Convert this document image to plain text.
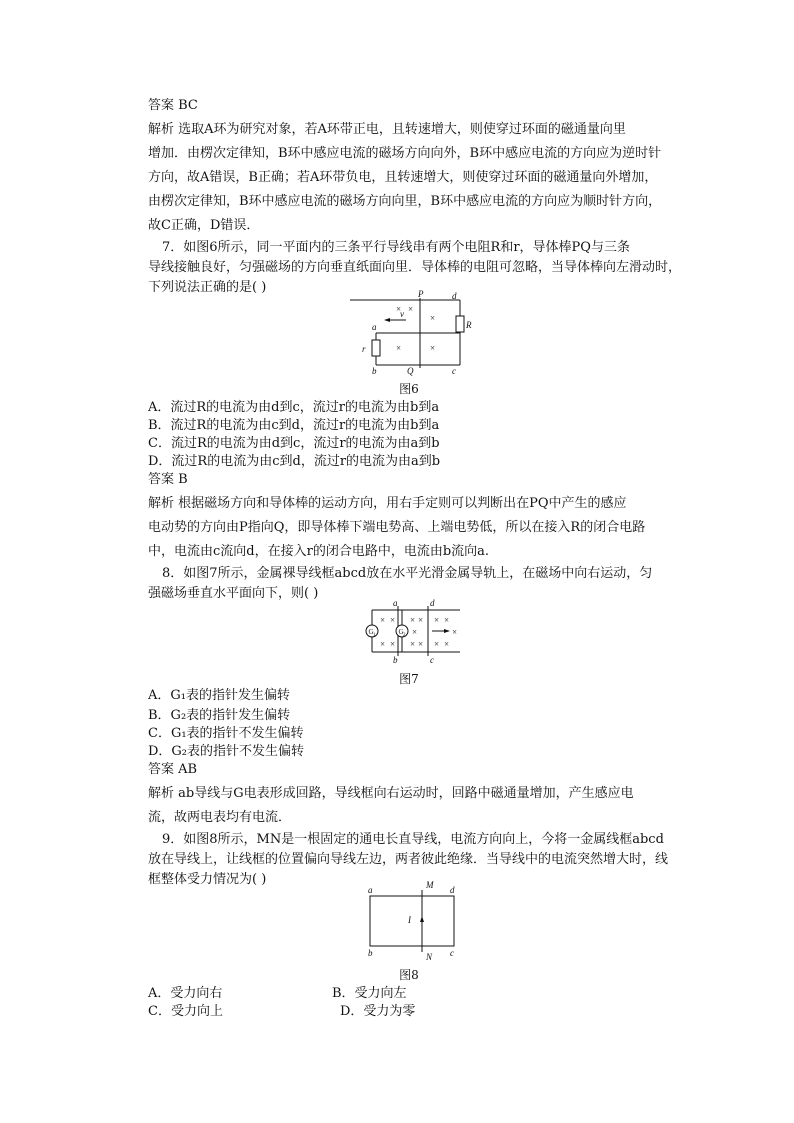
答案 BC
解析 选取A环为研究对象，若A环带正电，且转速增大，则使穿过环面的磁通量向里
增加．由楞次定律知，B环中感应电流的磁场方向向外，B环中感应电流的方向应为逆时针
方向，故A错误，B正确；若A环带负电，且转速增大，则使穿过环面的磁通量向外增加，
由楞次定律知，B环中感应电流的磁场方向向里，B环中感应电流的方向应为顺时针方向，
故C正确，D错误．
7．如图6所示，同一平面内的三条平行导线串有两个电阻R和r，导体棒PQ与三条
导线接触良好，匀强磁场的方向垂直纸面向里．导体棒的电阻可忽略，当导体棒向左滑动时，
下列说法正确的是( )
× ×
×
×	×
P	d
v
a	R
r
b	Q	c
图6
A．流过R的电流为由d到c，流过r的电流为由b到a
B．流过R的电流为由c到d，流过r的电流为由b到a
C．流过R的电流为由d到c，流过r的电流为由a到b
D．流过R的电流为由c到d，流过r的电流为由a到b
答案 B
解析 根据磁场方向和导体棒的运动方向，用右手定则可以判断出在PQ中产生的感应
电动势的方向由P指向Q，即导体棒下端电势高、上端电势低，所以在接入R的闭合电路
中，电流由c流向d，在接入r的闭合电路中，电流由b流向a.
8．如图7所示，金属裸导线框abcd放在水平光滑金属导轨上，在磁场中向右运动，匀
强磁场垂直水平面向下，则( )
G 1	G 2
× × × × × ×
×	×
× × × × × ×
a	d
b	c
图7
A．G₁表的指针发生偏转
B．G₂表的指针发生偏转
C．G₁表的指针不发生偏转
D．G₂表的指针不发生偏转
答案 AB
解析 ab导线与G电表形成回路，导线框向右运动时，回路中磁通量增加，产生感应电
流，故两电表均有电流．
9．如图8所示，MN是一根固定的通电长直导线，电流方向向上，今将一金属线框abcd
放在导线上，让线框的位置偏向导线左边，两者彼此绝缘．当导线中的电流突然增大时，线
框整体受力情况为( )	M
a	d
I
b	N c
图8
A．受力向右	B．受力向左
C．受力向上	D．受力为零
